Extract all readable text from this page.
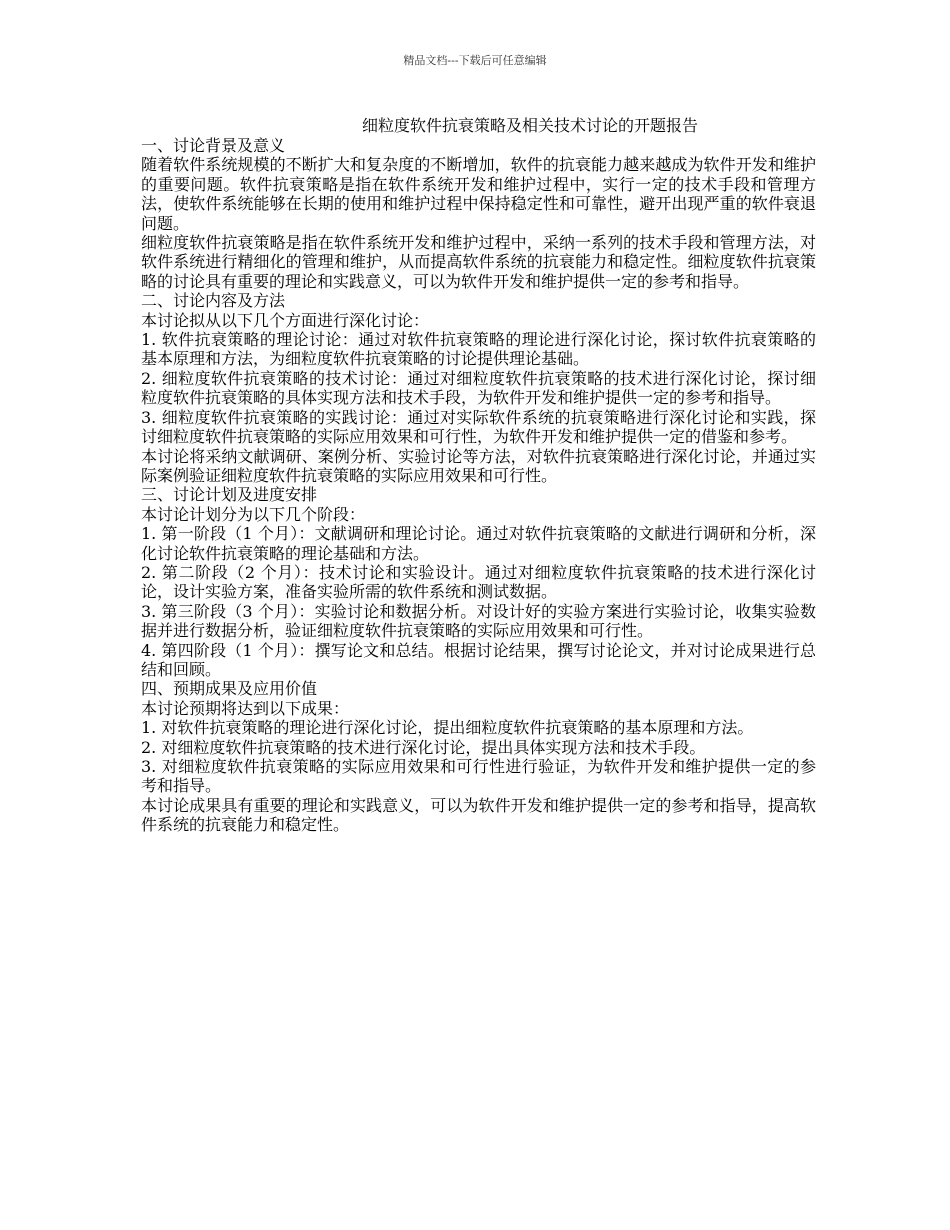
精品文档---下载后可任意编辑
细粒度软件抗衰策略及相关技术讨论的开题报告

一、讨论背景及意义

随着软件系统规模的不断扩大和复杂度的不断增加，软件的抗衰能力越来越成为软件开发和维护的重要问题。软件抗衰策略是指在软件系统开发和维护过程中，实行一定的技术手段和管理方法，使软件系统能够在长期的使用和维护过程中保持稳定性和可靠性，避开出现严重的软件衰退问题。

细粒度软件抗衰策略是指在软件系统开发和维护过程中，采纳一系列的技术手段和管理方法，对软件系统进行精细化的管理和维护，从而提高软件系统的抗衰能力和稳定性。细粒度软件抗衰策略的讨论具有重要的理论和实践意义，可以为软件开发和维护提供一定的参考和指导。

二、讨论内容及方法

本讨论拟从以下几个方面进行深化讨论：

1. 软件抗衰策略的理论讨论：通过对软件抗衰策略的理论进行深化讨论，探讨软件抗衰策略的基本原理和方法，为细粒度软件抗衰策略的讨论提供理论基础。

2. 细粒度软件抗衰策略的技术讨论：通过对细粒度软件抗衰策略的技术进行深化讨论，探讨细粒度软件抗衰策略的具体实现方法和技术手段，为软件开发和维护提供一定的参考和指导。

3. 细粒度软件抗衰策略的实践讨论：通过对实际软件系统的抗衰策略进行深化讨论和实践，探讨细粒度软件抗衰策略的实际应用效果和可行性，为软件开发和维护提供一定的借鉴和参考。

本讨论将采纳文献调研、案例分析、实验讨论等方法，对软件抗衰策略进行深化讨论，并通过实际案例验证细粒度软件抗衰策略的实际应用效果和可行性。

三、讨论计划及进度安排

本讨论计划分为以下几个阶段：

1. 第一阶段（1 个月）：文献调研和理论讨论。通过对软件抗衰策略的文献进行调研和分析，深化讨论软件抗衰策略的理论基础和方法。

2. 第二阶段（2 个月）：技术讨论和实验设计。通过对细粒度软件抗衰策略的技术进行深化讨论，设计实验方案，准备实验所需的软件系统和测试数据。

3. 第三阶段（3 个月）：实验讨论和数据分析。对设计好的实验方案进行实验讨论，收集实验数据并进行数据分析，验证细粒度软件抗衰策略的实际应用效果和可行性。

4. 第四阶段（1 个月）：撰写论文和总结。根据讨论结果，撰写讨论论文，并对讨论成果进行总结和回顾。

四、预期成果及应用价值

本讨论预期将达到以下成果：

1. 对软件抗衰策略的理论进行深化讨论，提出细粒度软件抗衰策略的基本原理和方法。

2. 对细粒度软件抗衰策略的技术进行深化讨论，提出具体实现方法和技术手段。

3. 对细粒度软件抗衰策略的实际应用效果和可行性进行验证，为软件开发和维护提供一定的参考和指导。

本讨论成果具有重要的理论和实践意义，可以为软件开发和维护提供一定的参考和指导，提高软件系统的抗衰能力和稳定性。
